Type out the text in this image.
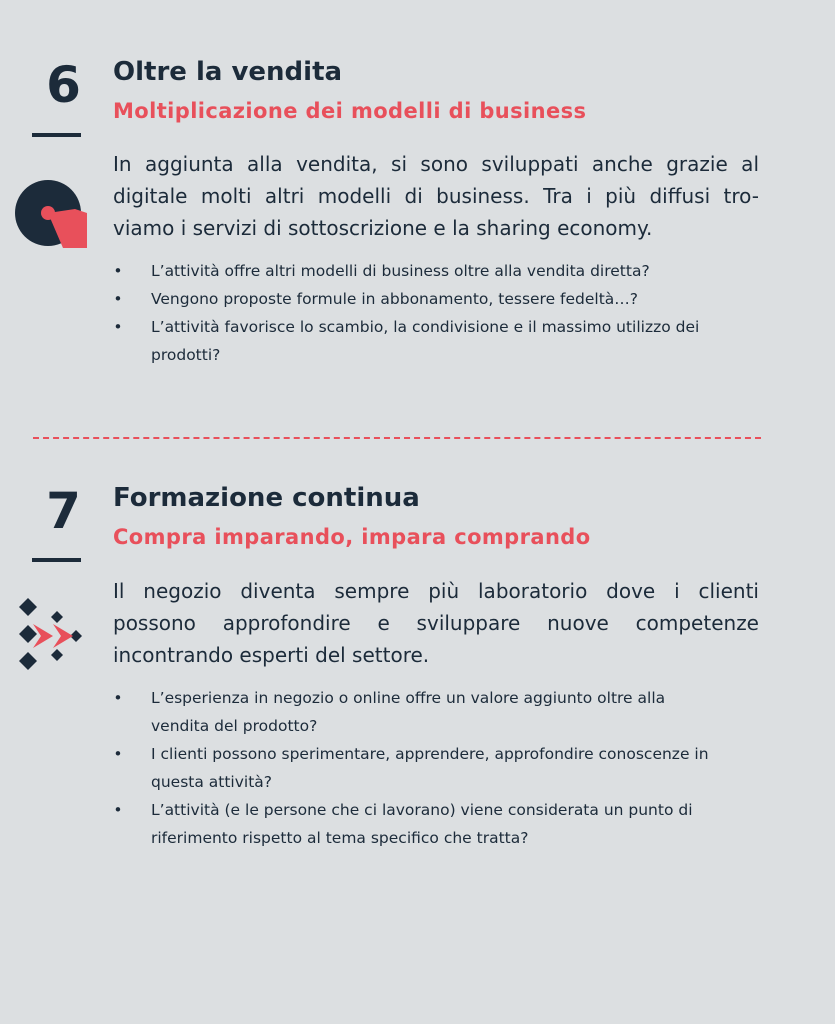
6	Oltre la vendita
Moltiplicazione dei modelli di business

In aggiunta alla vendita, si sono sviluppati anche grazie al
digitale molti altri modelli di business. Tra i più diffusi tro-
viamo i servizi di sottoscrizione e la sharing economy.

• L’attività offre altri modelli di business oltre alla vendita diretta?
• Vengono proposte formule in abbonamento, tessere fedeltà…?
• L’attività favorisce lo scambio, la condivisione e il massimo utilizzo dei prodotti?
7	Formazione continua
Compra imparando, impara comprando

Il negozio diventa sempre più laboratorio dove i clienti
possono approfondire e sviluppare nuove competenze
incontrando esperti del settore.

• L’esperienza in negozio o online offre un valore aggiunto oltre alla vendita del prodotto?
• I clienti possono sperimentare, apprendere, approfondire conoscenze in questa attività?
• L’attività (e le persone che ci lavorano) viene considerata un punto di riferimento rispetto al tema specifico che tratta?
